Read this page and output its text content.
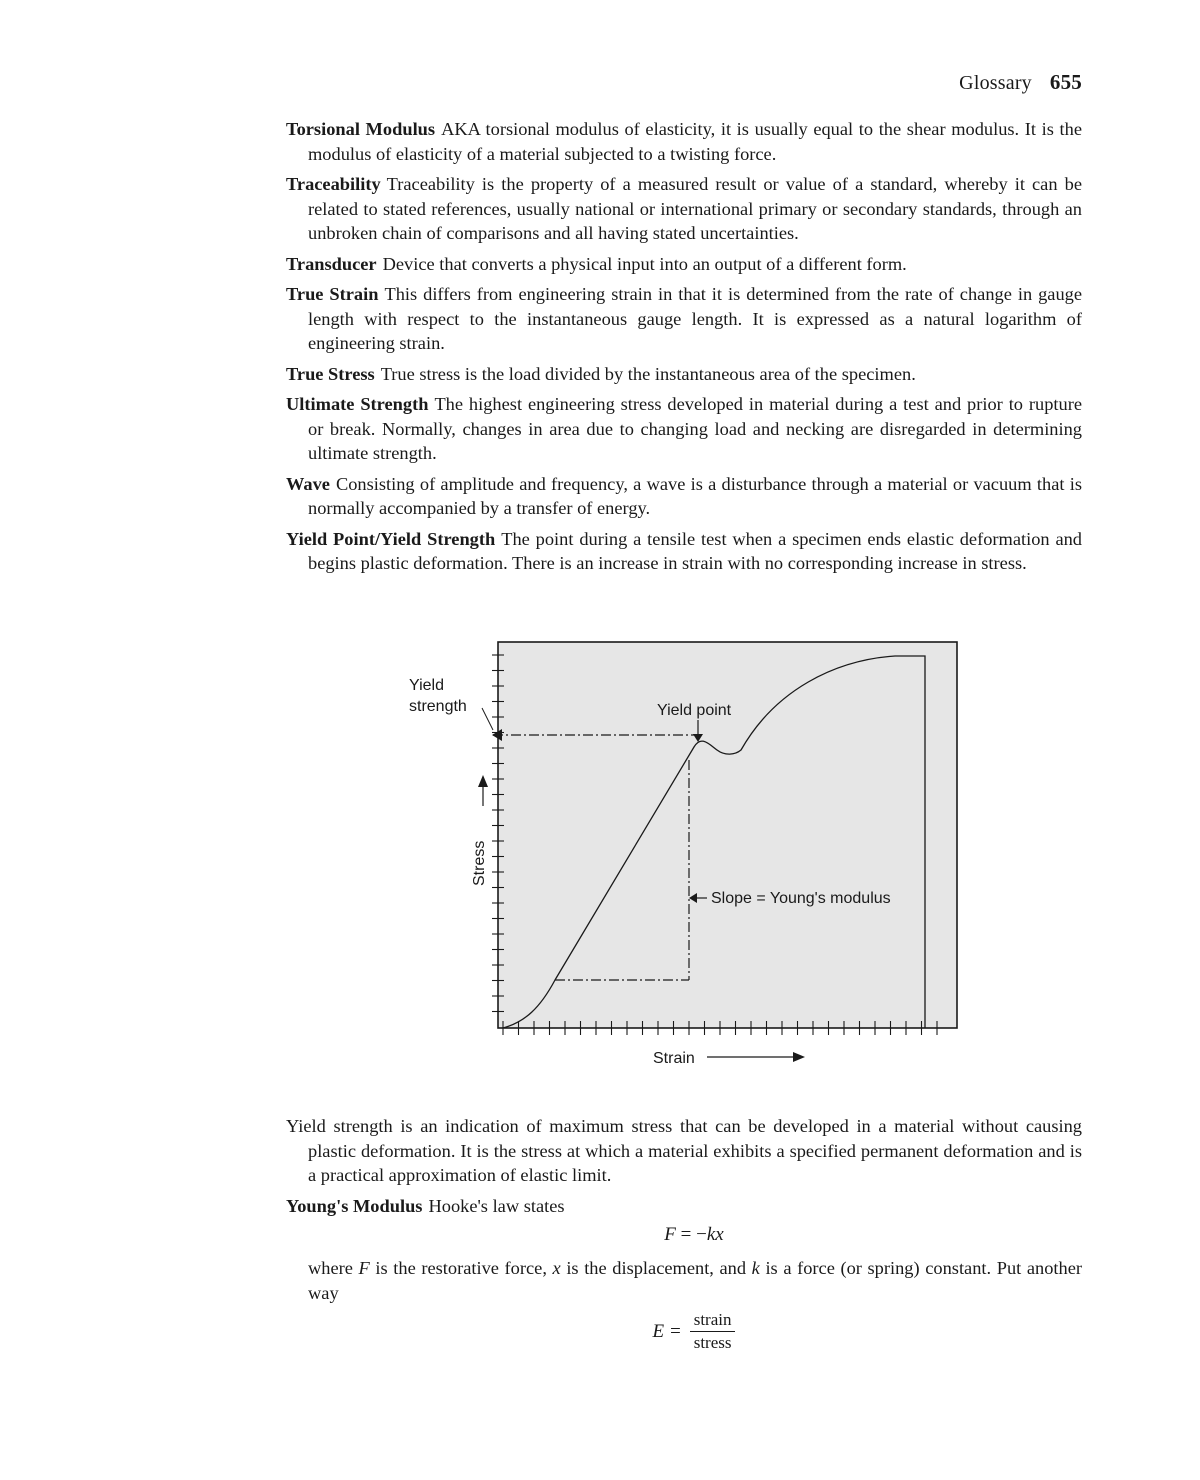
Glossary 655

Torsional Modulus AKA torsional modulus of elasticity, it is usually equal to the shear modulus. It is the modulus of elasticity of a material subjected to a twisting force.

Traceability Traceability is the property of a measured result or value of a standard, whereby it can be related to stated references, usually national or international primary or secondary standards, through an unbroken chain of comparisons and all having stated uncertainties.

Transducer Device that converts a physical input into an output of a different form.

True Strain This differs from engineering strain in that it is determined from the rate of change in gauge length with respect to the instantaneous gauge length. It is expressed as a natural logarithm of engineering strain.

True Stress True stress is the load divided by the instantaneous area of the specimen.

Ultimate Strength The highest engineering stress developed in material during a test and prior to rupture or break. Normally, changes in area due to changing load and necking are disregarded in determining ultimate strength.

Wave Consisting of amplitude and frequency, a wave is a disturbance through a material or vacuum that is normally accompanied by a transfer of energy.

Yield Point/Yield Strength The point during a tensile test when a specimen ends elastic deformation and begins plastic deformation. There is an increase in strain with no corresponding increase in stress.

Yield
strength	Yield point
Slope = Young's modulus
Stress
Strain

Yield strength is an indication of maximum stress that can be developed in a material without causing plastic deformation. It is the stress at which a material exhibits a specified permanent deformation and is a practical approximation of elastic limit.

Young's Modulus Hooke's law states

F = −kx

where F is the restorative force, x is the displacement, and k is a force (or spring) constant. Put another way

$E = \frac{\text{strain}}{\text{stress}}$
